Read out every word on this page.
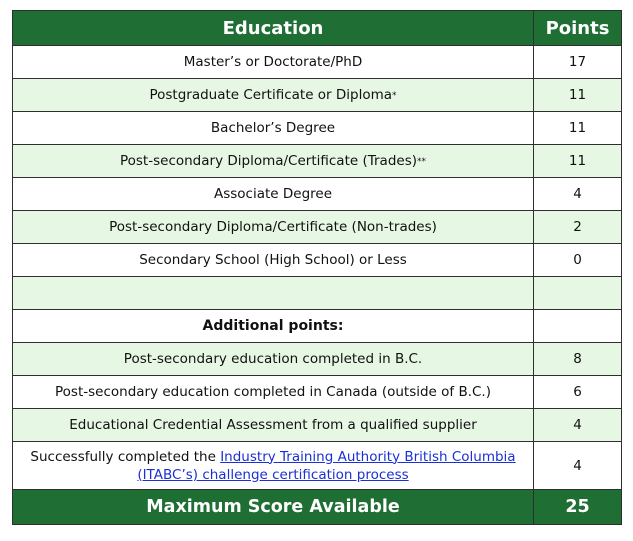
Education	Points
Master’s or Doctorate/PhD	17
Postgraduate Certificate or Diploma*	11
Bachelor’s Degree	11
Post-secondary Diploma/Certificate (Trades)**	11
Associate Degree	4
Post-secondary Diploma/Certificate (Non-trades)	2
Secondary School (High School) or Less	0

Additional points:	
Post-secondary education completed in B.C.	8
Post-secondary education completed in Canada (outside of B.C.)	6
Educational Credential Assessment from a qualified supplier	4
Successfully completed the Industry Training Authority British Columbia
(ITABC’s) challenge certification process	4
Maximum Score Available	25
